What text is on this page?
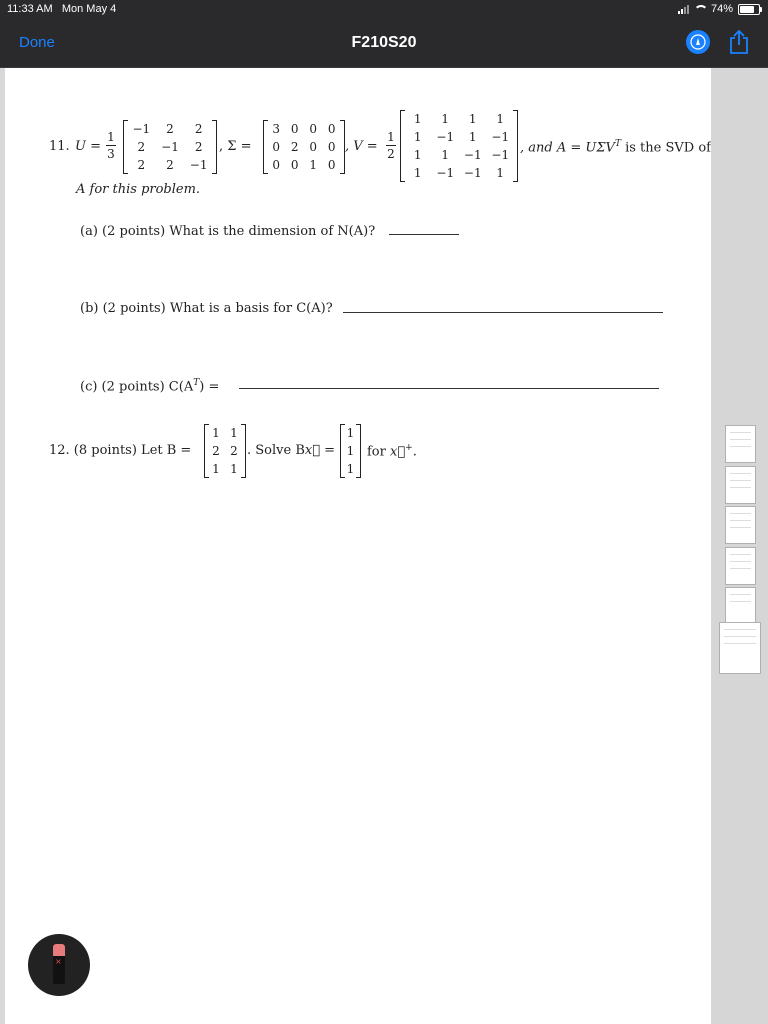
11:33 AM Mon May 4	74%
Done	F210S20
11. U =
1
3
−1 2 2
2 −1 2
2 2 −1
, Σ =
3 0 0 0
0 2 0 0
0 0 1 0
, V =
1
2
1 1 1 1
1 −1 1 −1
1 1 −1 −1
1 −1 −1 1
, and $A = U\Sigma V^T$ is the SVD of
A for this problem.
(a) (2 points) What is the dimension of N(A)?
(b) (2 points) What is a basis for C(A)?
(c) (2 points) $C(A^T)$ =
12. (8 points) Let B =
1 1
2 2
1 1
. Solve Bx⃗ =
1
1
1
for x⃗+.
×
